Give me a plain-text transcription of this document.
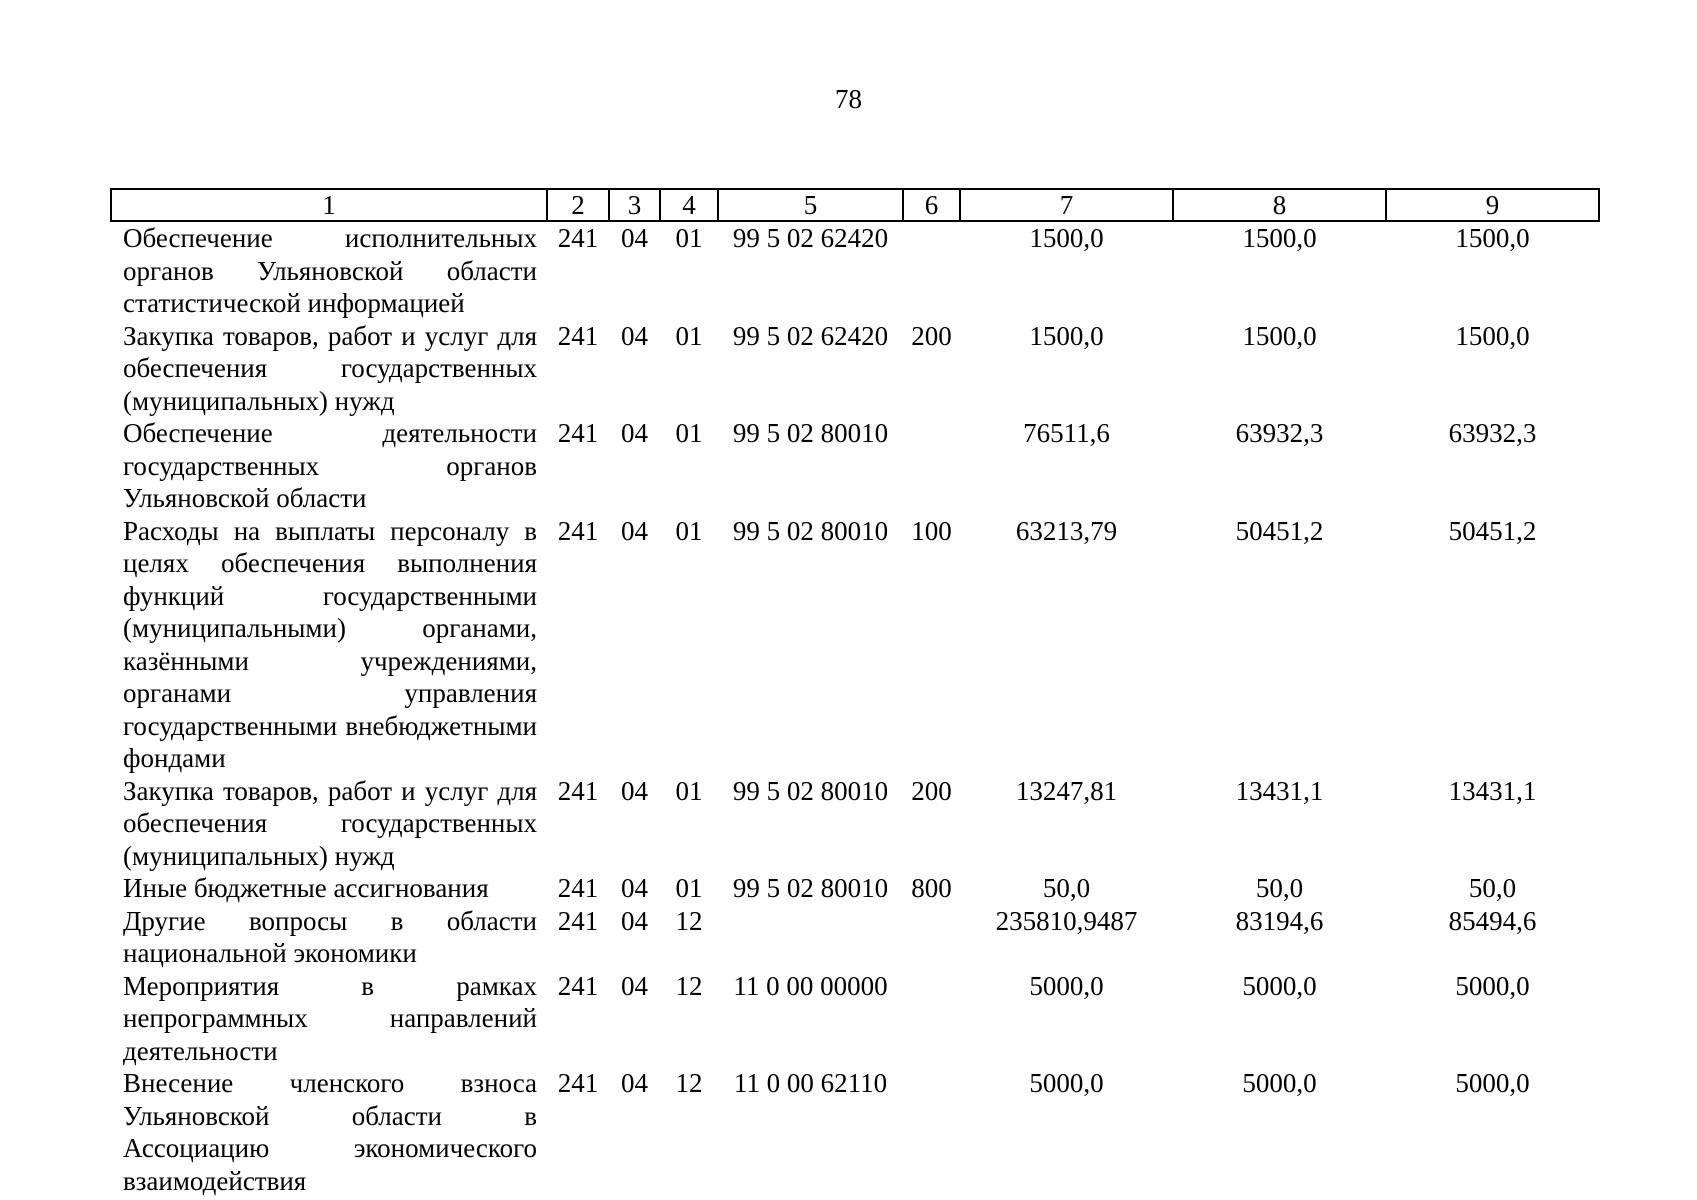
78
1	2	3	4	5	6	7	8	9
Обеспечение исполнительных органов Ульяновской области статистической информацией	241	04	01	99 5 02 62420		1500,0	1500,0	1500,0
Закупка товаров, работ и услуг для обеспечения государственных (муниципальных) нужд	241	04	01	99 5 02 62420	200	1500,0	1500,0	1500,0
Обеспечение деятельности государственных органов Ульяновской области	241	04	01	99 5 02 80010		76511,6	63932,3	63932,3
Расходы на выплаты персоналу в целях обеспечения выполнения функций государственными (муниципальными) органами, казёнными учреждениями, органами управления государственными внебюджетными фондами	241	04	01	99 5 02 80010	100	63213,79	50451,2	50451,2
Закупка товаров, работ и услуг для обеспечения государственных (муниципальных) нужд	241	04	01	99 5 02 80010	200	13247,81	13431,1	13431,1
Иные бюджетные ассигнования	241	04	01	99 5 02 80010	800	50,0	50,0	50,0
Другие вопросы в области национальной экономики	241	04	12			235810,9487	83194,6	85494,6
Мероприятия в рамках непрограммных направлений деятельности	241	04	12	11 0 00 00000		5000,0	5000,0	5000,0
Внесение членского взноса Ульяновской области в Ассоциацию экономического взаимодействия	241	04	12	11 0 00 62110		5000,0	5000,0	5000,0
